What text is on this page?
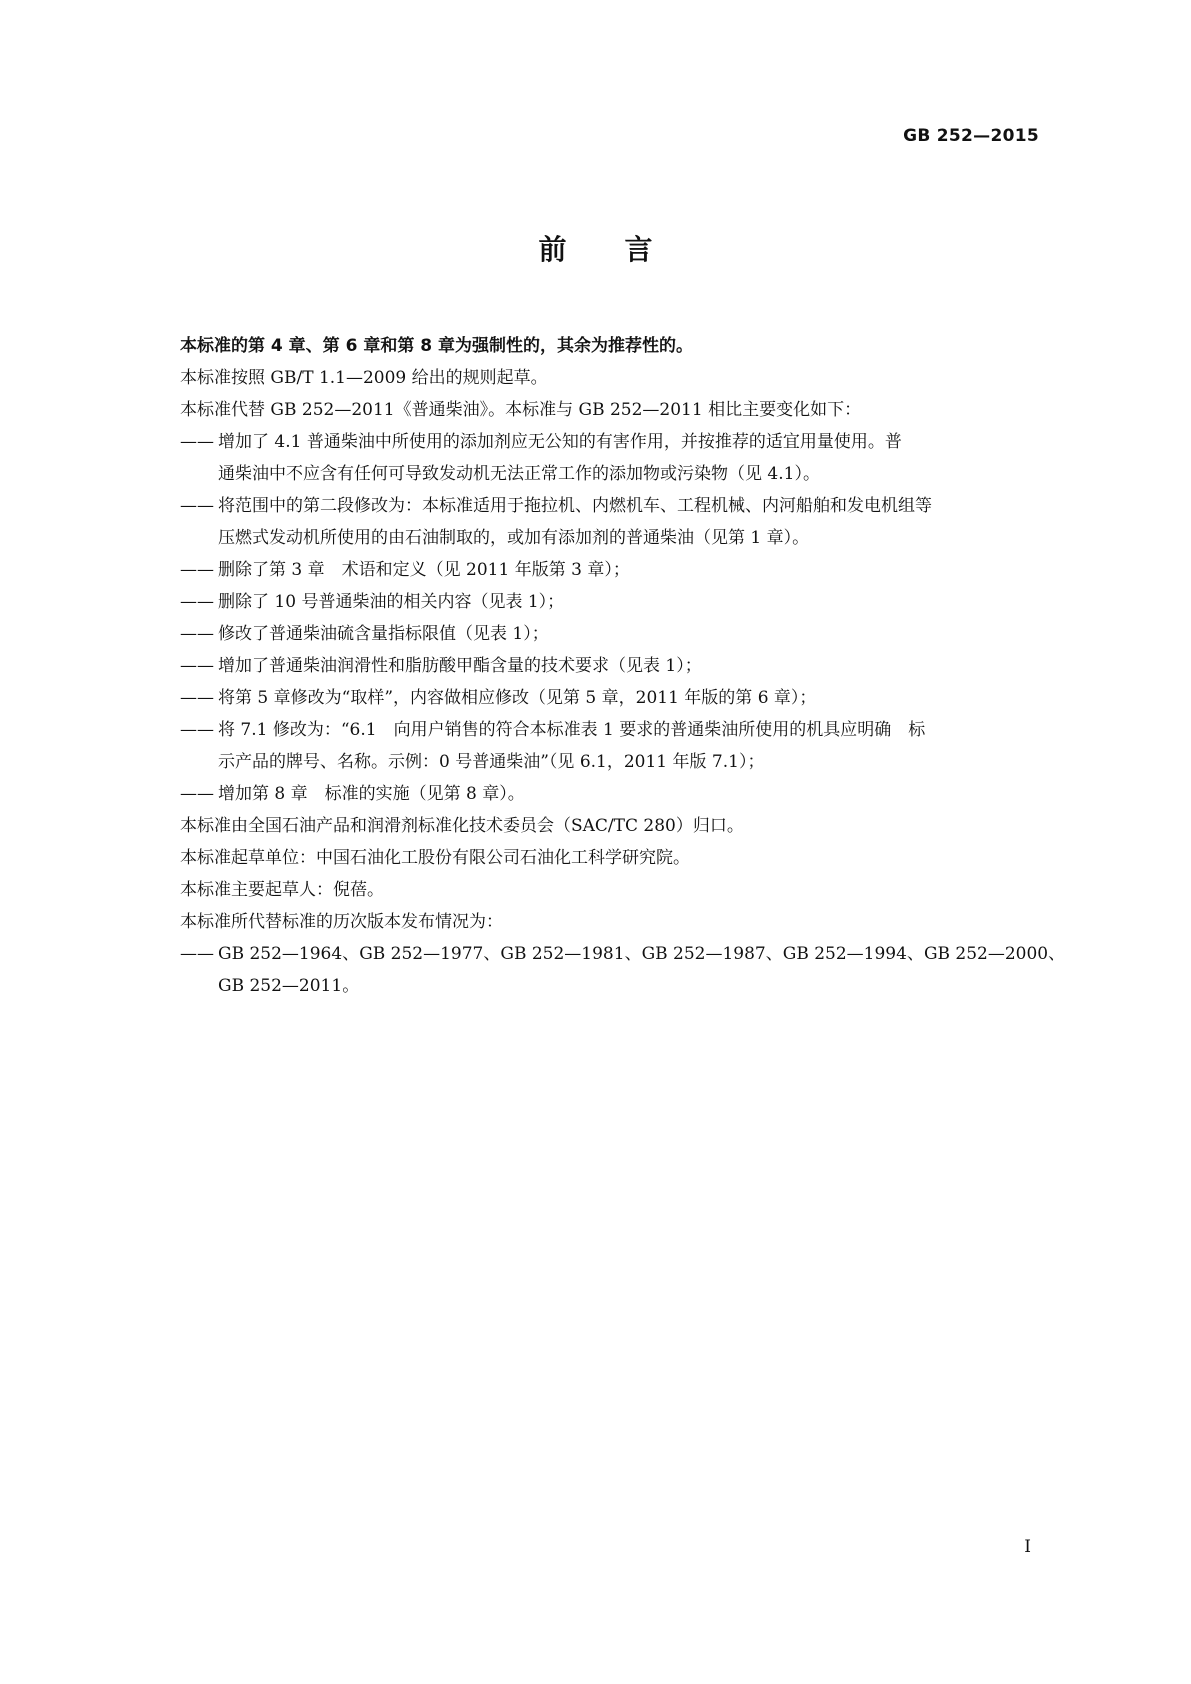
GB 252—2015
前言

本标准的第 4 章、第 6 章和第 8 章为强制性的，其余为推荐性的。

本标准按照 GB/T 1.1—2009 给出的规则起草。

本标准代替 GB 252—2011《普通柴油》。本标准与 GB 252—2011 相比主要变化如下：

—— 增加了 4.1 普通柴油中所使用的添加剂应无公知的有害作用，并按推荐的适宜用量使用。普
通柴油中不应含有任何可导致发动机无法正常工作的添加物或污染物（见 4.1）。
—— 将范围中的第二段修改为：本标准适用于拖拉机、内燃机车、工程机械、内河船舶和发电机组等
压燃式发动机所使用的由石油制取的，或加有添加剂的普通柴油（见第 1 章）。
—— 删除了第 3 章　术语和定义（见 2011 年版第 3 章）；
—— 删除了 10 号普通柴油的相关内容（见表 1）；
—— 修改了普通柴油硫含量指标限值（见表 1）；
—— 增加了普通柴油润滑性和脂肪酸甲酯含量的技术要求（见表 1）；
—— 将第 5 章修改为“取样”，内容做相应修改（见第 5 章，2011 年版的第 6 章）；
—— 将 7.1 修改为：“6.1　向用户销售的符合本标准表 1 要求的普通柴油所使用的机具应明确　标
示产品的牌号、名称。示例：0 号普通柴油”（见 6.1，2011 年版 7.1）；
—— 增加第 8 章　标准的实施（见第 8 章）。

本标准由全国石油产品和润滑剂标准化技术委员会（SAC/TC 280）归口。

本标准起草单位：中国石油化工股份有限公司石油化工科学研究院。

本标准主要起草人：倪蓓。

本标准所代替标准的历次版本发布情况为：

—— GB 252—1964、GB 252—1977、GB 252—1981、GB 252—1987、GB 252—1994、GB 252—2000、
GB 252—2011。
I
